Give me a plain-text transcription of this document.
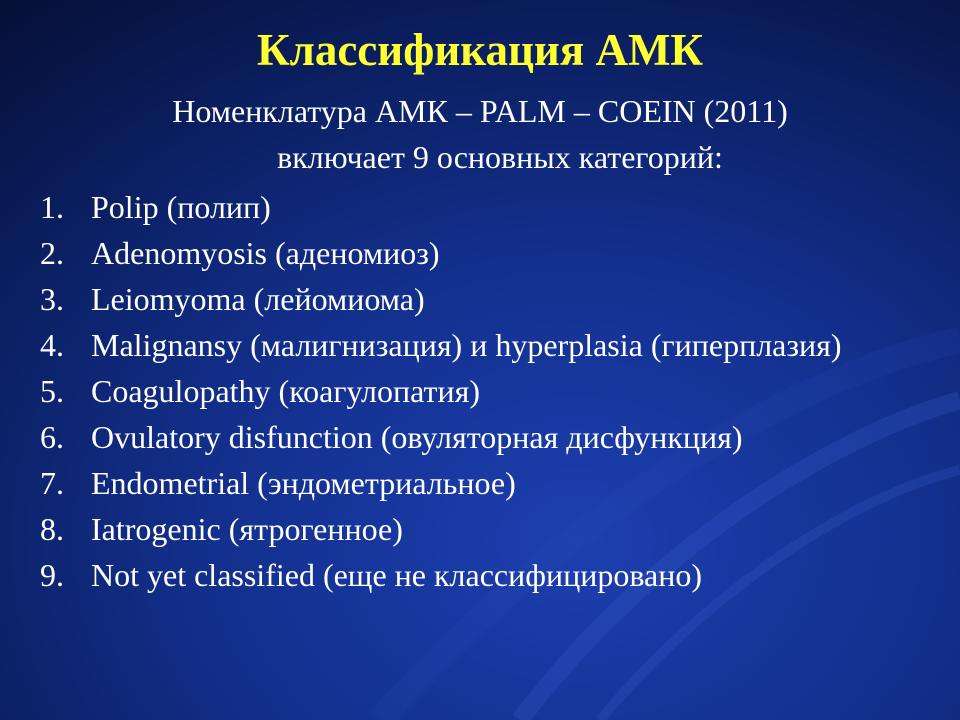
Классификация АМК
Номенклатура АМК – PALM – COEIN (2011)
включает 9 основных категорий:
1. Polip (полип)
2. Adenomyosis (аденомиоз)
3. Leiomyoma (лейомиома)
4. Malignansy (малигнизация) и hyperplasia (гиперплазия)
5. Coagulopathy (коагулопатия)
6. Ovulatory disfunction (овуляторная дисфункция)
7. Endometrial (эндометриальное)
8. Iatrogenic (ятрогенное)
9. Not yet classified (еще не классифицировано)
